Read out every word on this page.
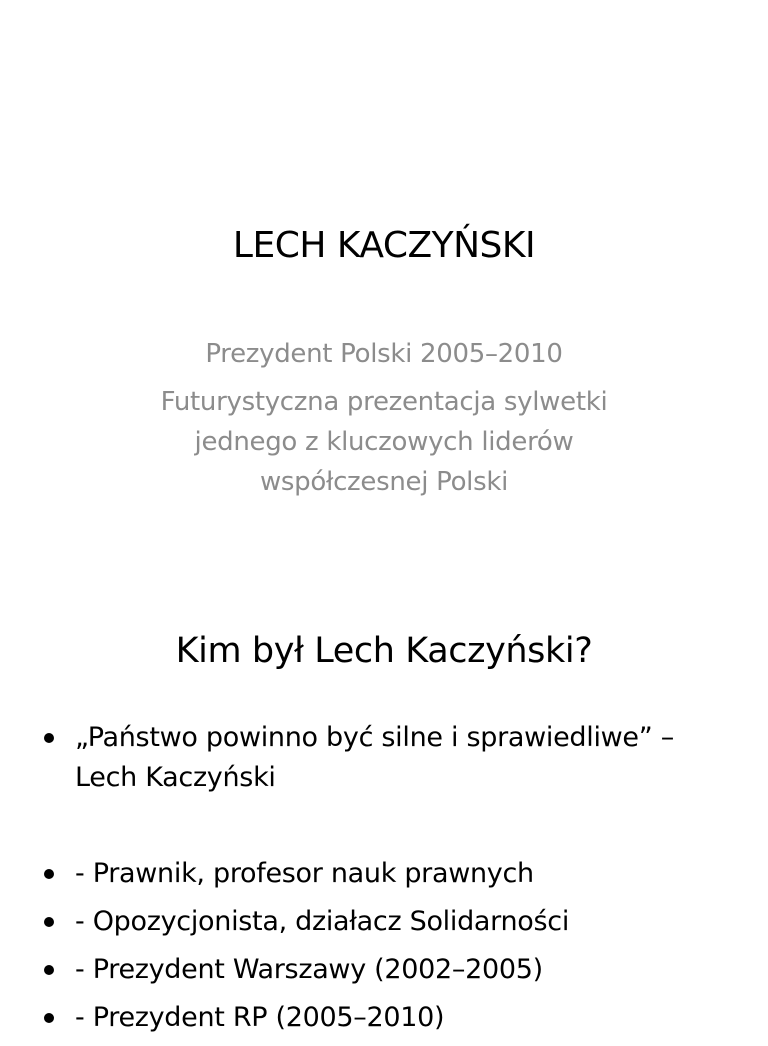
LECH KACZYŃSKI
Prezydent Polski 2005–2010
Futurystyczna prezentacja sylwetki jednego z kluczowych liderów współczesnej Polski
Kim był Lech Kaczyński?
„Państwo powinno być silne i sprawiedliwe” – Lech Kaczyński
- Prawnik, profesor nauk prawnych
- Opozycjonista, działacz Solidarności
- Prezydent Warszawy (2002–2005)
- Prezydent RP (2005–2010)
